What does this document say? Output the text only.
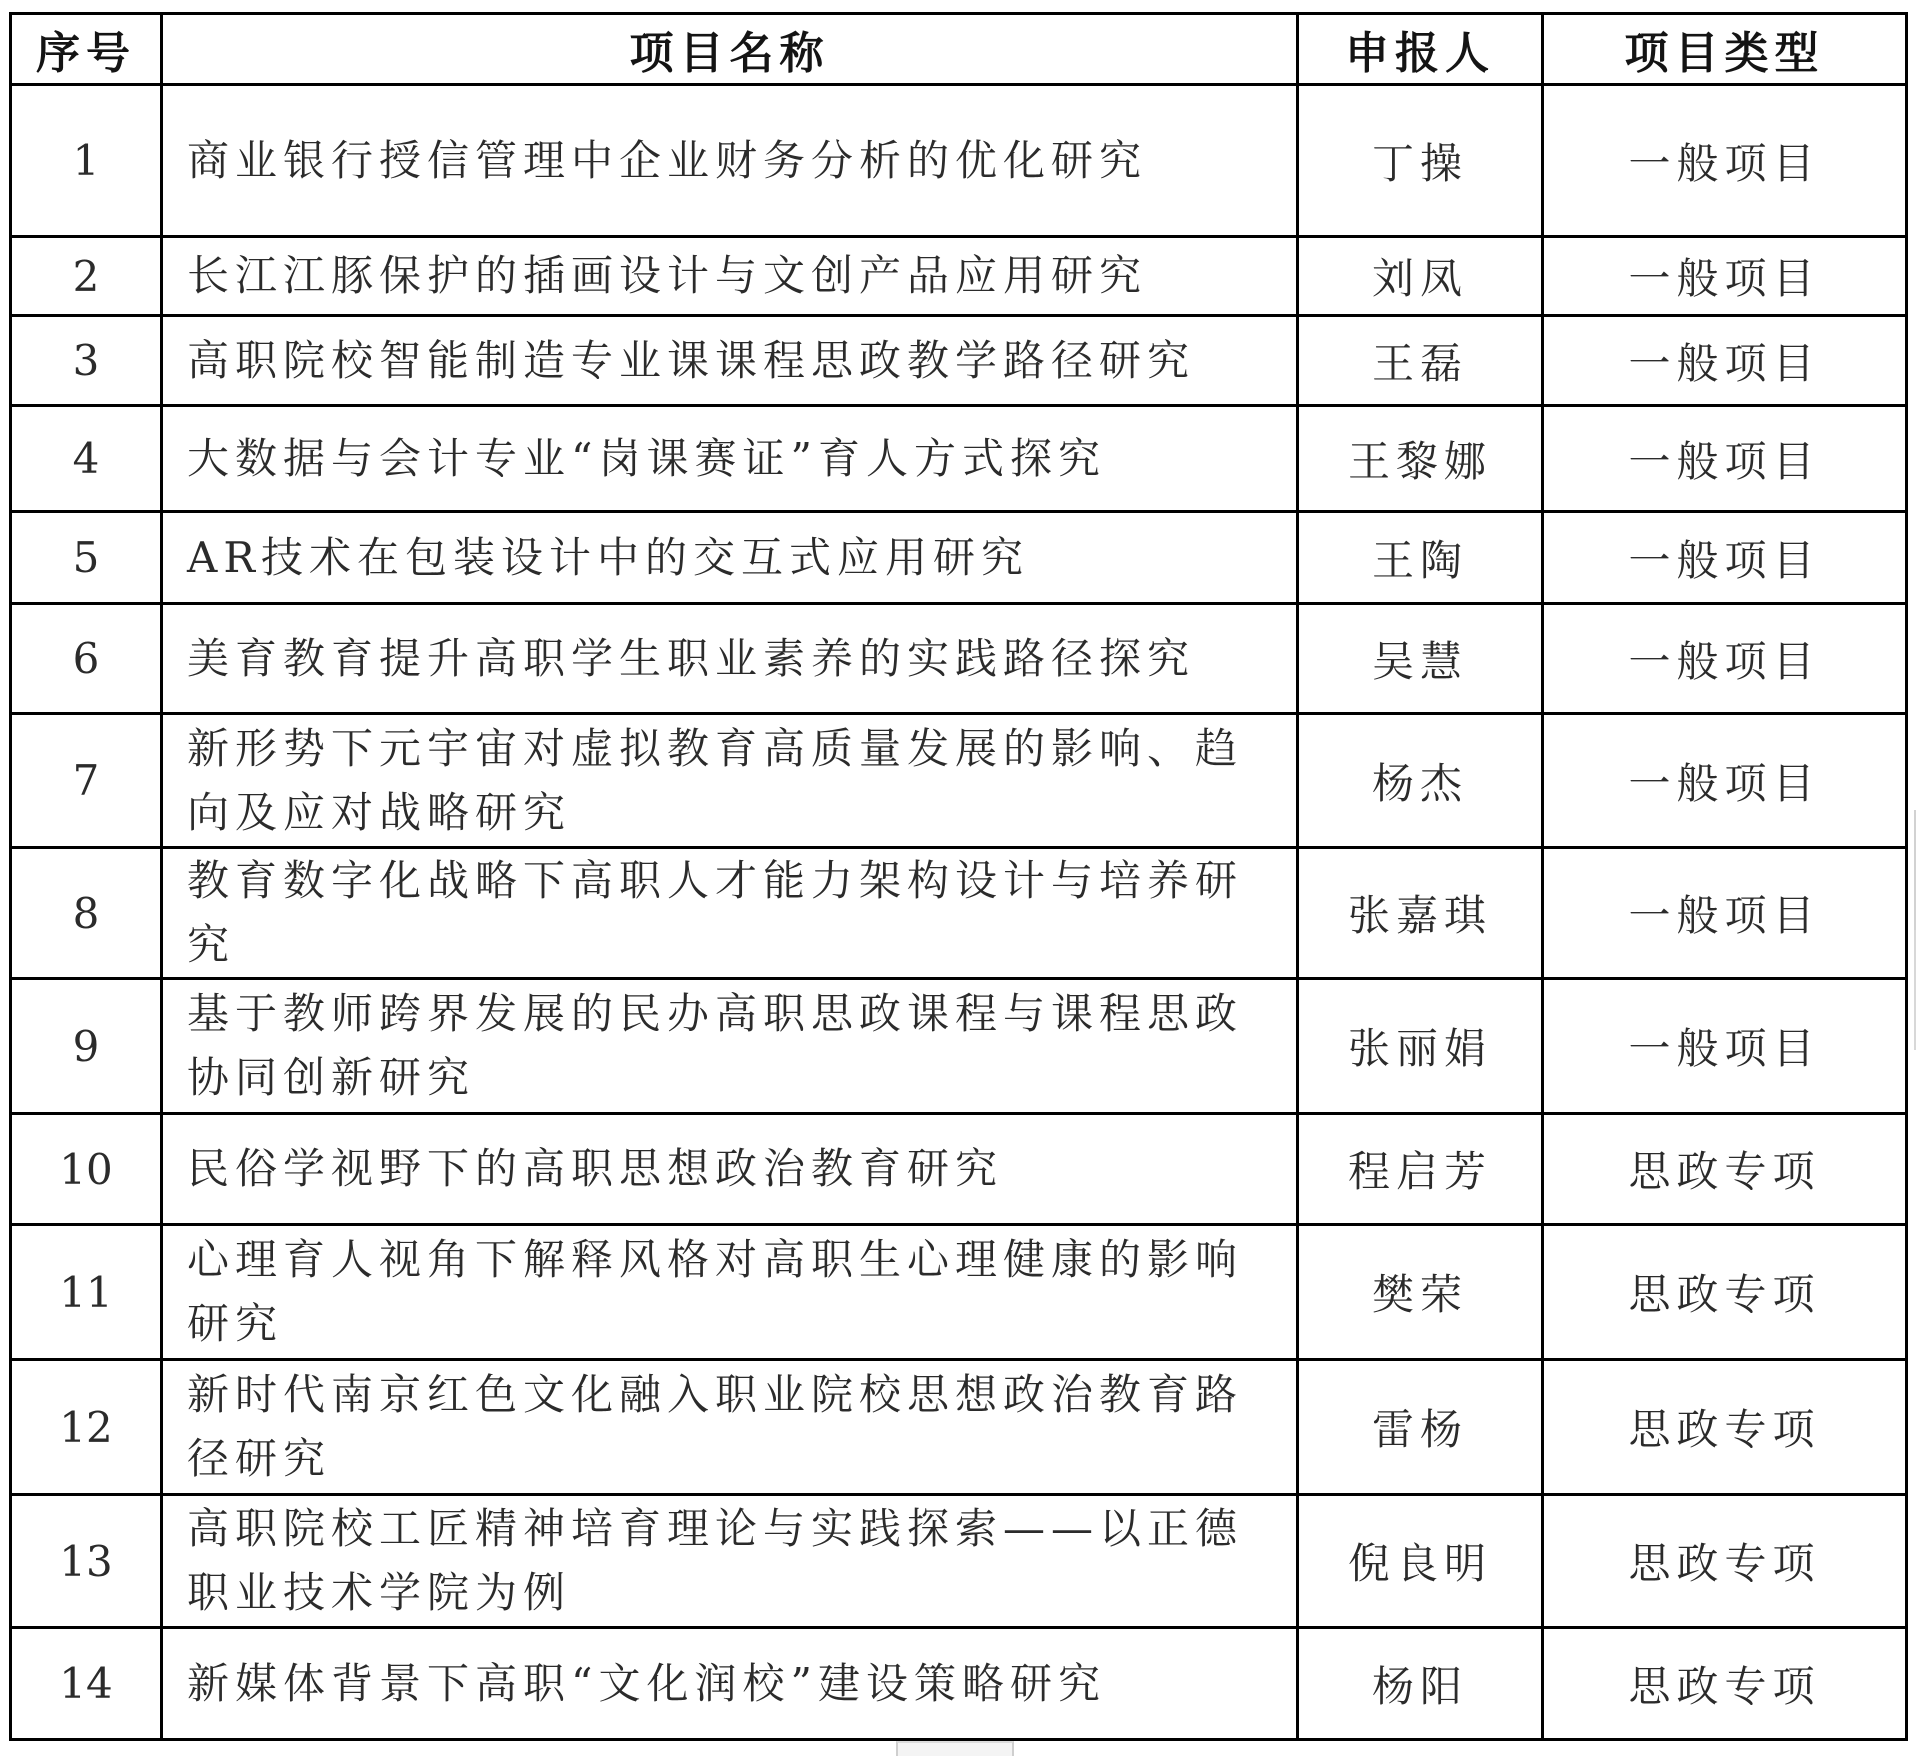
序号	项目名称	申报人	项目类型
1	商业银行授信管理中企业财务分析的优化研究	丁操	一般项目
2	长江江豚保护的插画设计与文创产品应用研究	刘凤	一般项目
3	高职院校智能制造专业课课程思政教学路径研究	王磊	一般项目
4	大数据与会计专业“岗课赛证”育人方式探究	王黎娜	一般项目
5	AR技术在包装设计中的交互式应用研究	王陶	一般项目
6	美育教育提升高职学生职业素养的实践路径探究	吴慧	一般项目
7	新形势下元宇宙对虚拟教育高质量发展的影响、趋向及应对战略研究	杨杰	一般项目
8	教育数字化战略下高职人才能力架构设计与培养研究	张嘉琪	一般项目
9	基于教师跨界发展的民办高职思政课程与课程思政协同创新研究	张丽娟	一般项目
10	民俗学视野下的高职思想政治教育研究	程启芳	思政专项
11	心理育人视角下解释风格对高职生心理健康的影响研究	樊荣	思政专项
12	新时代南京红色文化融入职业院校思想政治教育路径研究	雷杨	思政专项
13	高职院校工匠精神培育理论与实践探索——以正德职业技术学院为例	倪良明	思政专项
14	新媒体背景下高职“文化润校”建设策略研究	杨阳	思政专项
